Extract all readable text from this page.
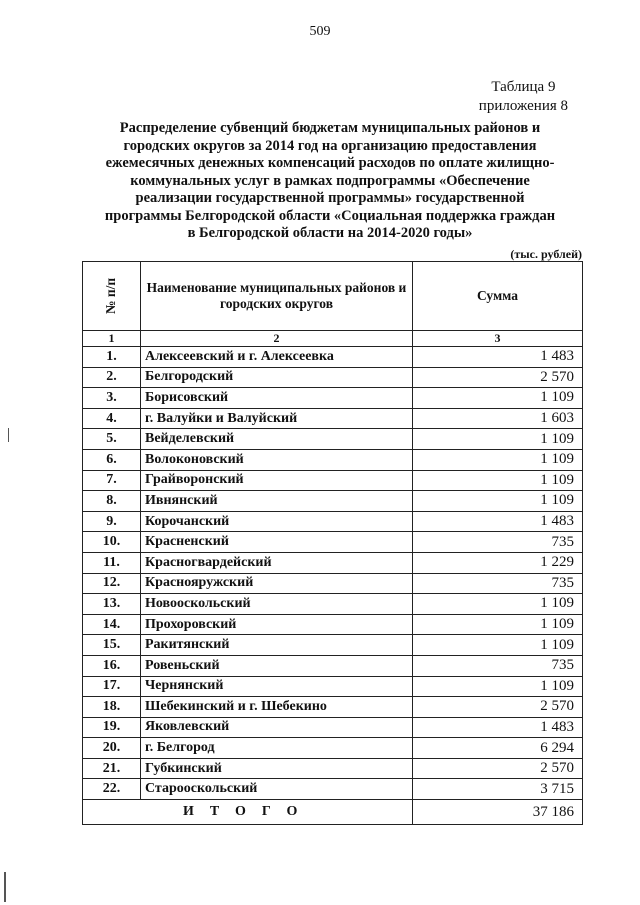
509
Таблица 9
приложения 8
Распределение субвенций бюджетам муниципальных районов и городских округов за 2014 год на организацию предоставления ежемесячных денежных компенсаций расходов по оплате жилищно-коммунальных услуг в рамках подпрограммы «Обеспечение реализации государственной программы» государственной программы Белгородской области «Социальная поддержка граждан в Белгородской области на 2014-2020 годы»
(тыс. рублей)
№ п/п	Наименование муниципальных районов и городских округов	Сумма
1	2	3
1.	Алексеевский и г. Алексеевка	1 483
2.	Белгородский	2 570
3.	Борисовский	1 109
4.	г. Валуйки и Валуйский	1 603
5.	Вейделевский	1 109
6.	Волоконовский	1 109
7.	Грайворонский	1 109
8.	Ивнянский	1 109
9.	Корочанский	1 483
10.	Красненский	735
11.	Красногвардейский	1 229
12.	Краснояружский	735
13.	Новооскольский	1 109
14.	Прохоровский	1 109
15.	Ракитянский	1 109
16.	Ровеньский	735
17.	Чернянский	1 109
18.	Шебекинский и г. Шебекино	2 570
19.	Яковлевский	1 483
20.	г. Белгород	6 294
21.	Губкинский	2 570
22.	Старооскольский	3 715
ИТОГО		37 186
